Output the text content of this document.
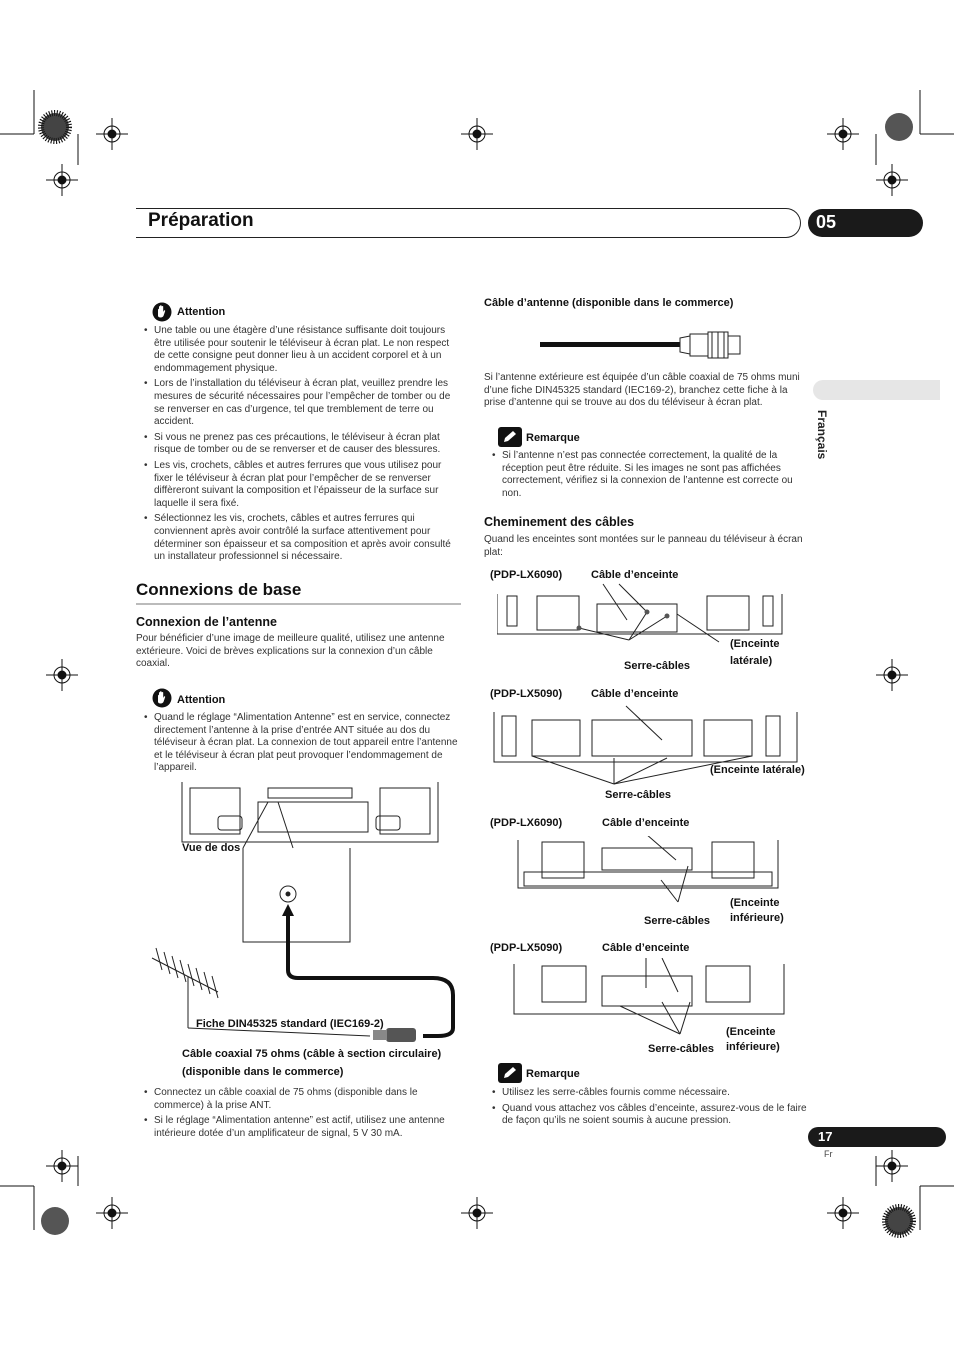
Préparation	05
Français
Attention
• Une table ou une étagère d’une résistance suffisante doit toujours être utilisée pour soutenir le téléviseur à écran plat. Le non respect de cette consigne peut donner lieu à un accident corporel et à un endommagement physique.
• Lors de l’installation du téléviseur à écran plat, veuillez prendre les mesures de sécurité nécessaires pour l’empêcher de tomber ou de se renverser en cas d’urgence, tel que tremblement de terre ou accident.
• Si vous ne prenez pas ces précautions, le téléviseur à écran plat risque de tomber ou de se renverser et de causer des blessures.
• Les vis, crochets, câbles et autres ferrures que vous utilisez pour fixer le téléviseur à écran plat pour l’empêcher de se renverser diffèreront suivant la composition et l’épaisseur de la surface sur laquelle il sera fixé.
• Sélectionnez les vis, crochets, câbles et autres ferrures qui conviennent après avoir contrôlé la surface attentivement pour déterminer son épaisseur et sa composition et après avoir consulté un installateur professionnel si nécessaire.
Connexions de base
Connexion de l’antenne
Pour bénéficier d’une image de meilleure qualité, utilisez une antenne extérieure. Voici de brèves explications sur la connexion d’un câble coaxial.
Attention
• Quand le réglage “Alimentation Antenne” est en service, connectez directement l’antenne à la prise d’entrée ANT située au dos du téléviseur à écran plat. La connexion de tout appareil entre l’antenne et le téléviseur à écran plat peut provoquer l’endommagement de l’appareil.
Vue de dos
Fiche DIN45325 standard (IEC169-2)
Câble coaxial 75 ohms (câble à section circulaire)
(disponible dans le commerce)
• Connectez un câble coaxial de 75 ohms (disponible dans le commerce) à la prise ANT.
• Si le réglage “Alimentation antenne” est actif, utilisez une antenne intérieure dotée d’un amplificateur de signal, 5 V 30 mA.
Câble d’antenne (disponible dans le commerce)
Si l’antenne extérieure est équipée d’un câble coaxial de 75 ohms muni d’une fiche DIN45325 standard (IEC169-2), branchez cette fiche à la prise d’antenne qui se trouve au dos du téléviseur à écran plat.
Remarque
• Si l’antenne n’est pas connectée correctement, la qualité de la réception peut être réduite. Si les images ne sont pas affichées correctement, vérifiez si la connexion de l’antenne est correcte ou non.
Cheminement des câbles
Quand les enceintes sont montées sur le panneau du téléviseur à écran plat:
(PDP-LX6090)	Câble d’enceinte
Serre-câbles
(Enceinte
latérale)
(PDP-LX5090)	Câble d’enceinte
(Enceinte latérale)
Serre-câbles
(PDP-LX6090)	Câble d’enceinte
Serre-câbles
(Enceinte
inférieure)
(PDP-LX5090)	Câble d’enceinte
Serre-câbles
(Enceinte
inférieure)
Remarque
• Utilisez les serre-câbles fournis comme nécessaire.
• Quand vous attachez vos câbles d’enceinte, assurez-vous de le faire de façon qu’ils ne soient soumis à aucune pression.
17
Fr
